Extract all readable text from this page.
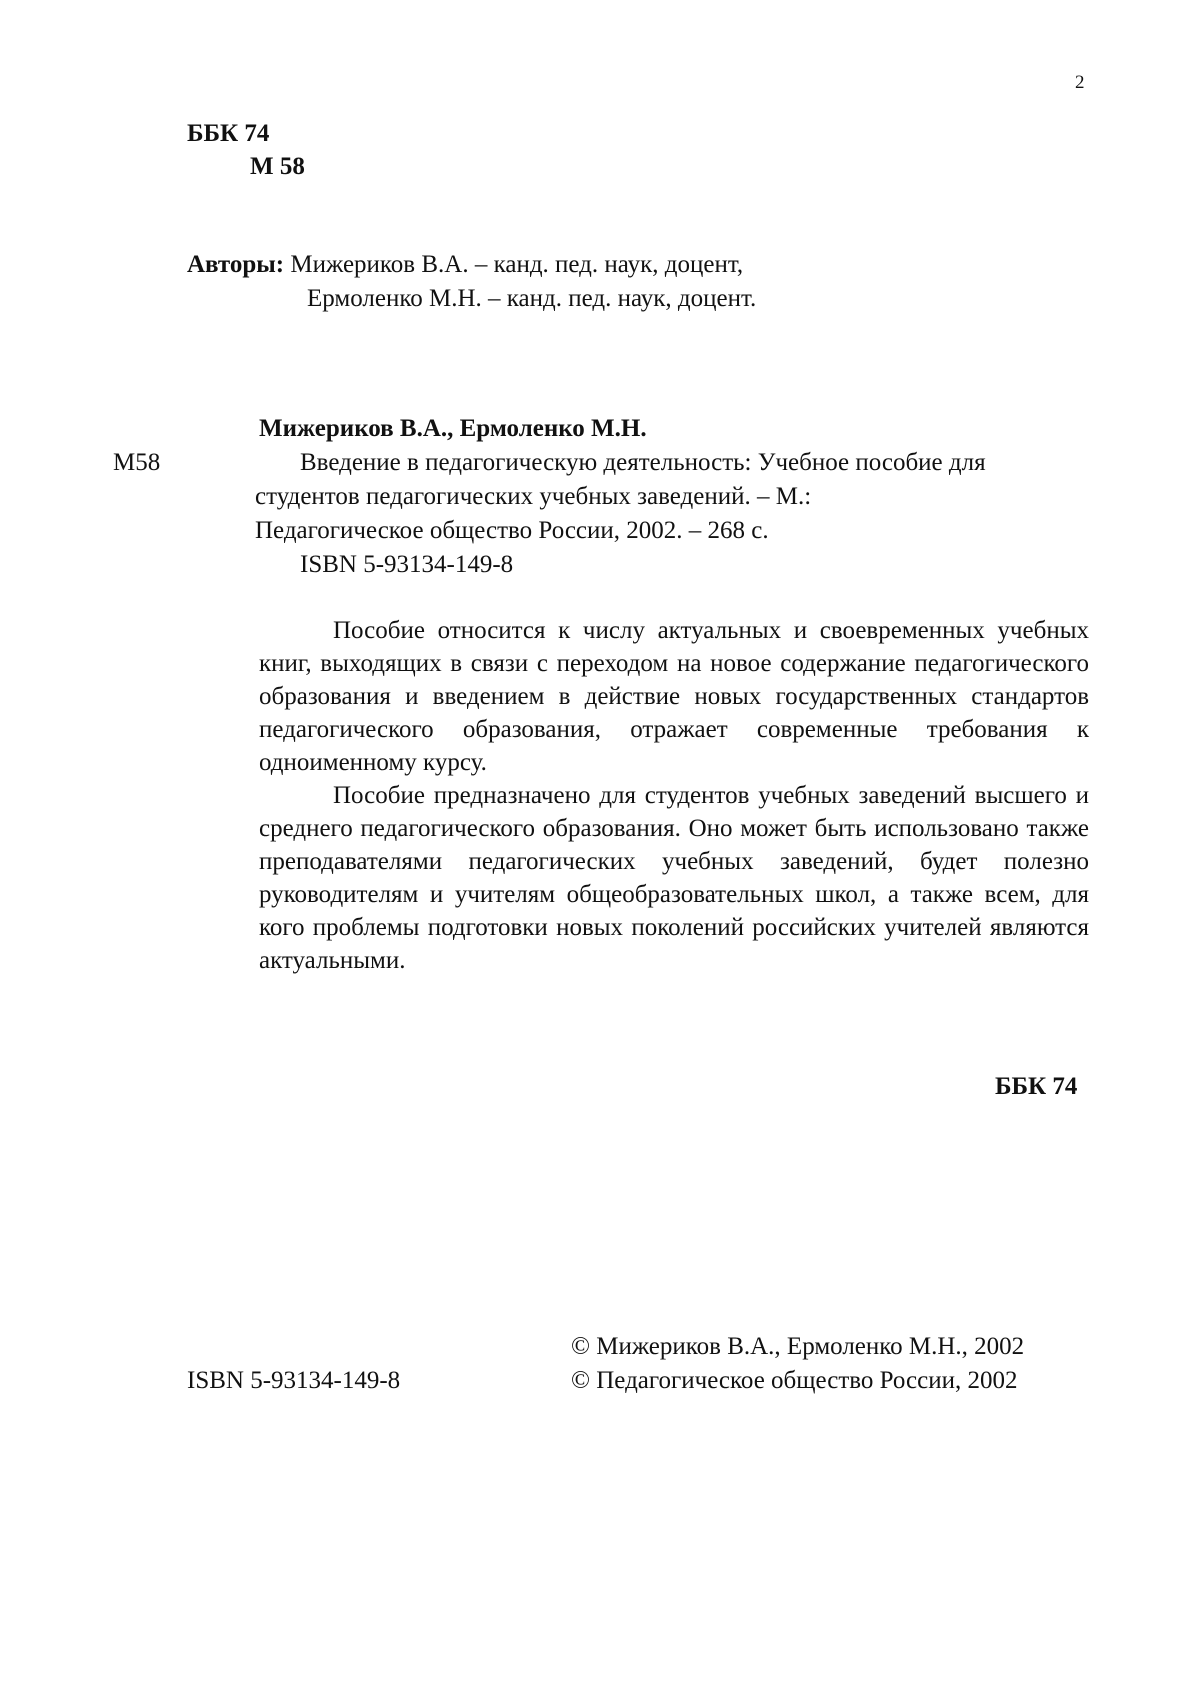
2
ББК 74
М 58
Авторы: Мижериков В.А. – канд. пед. наук, доцент,
Ермоленко М.Н. – канд. пед. наук, доцент.
Мижериков В.А., Ермоленко М.Н.
М58	Введение в педагогическую деятельность: Учебное пособие для
студентов педагогических учебных заведений. – М.:
Педагогическое общество России, 2002. – 268 с.
ISBN 5-93134-149-8
Пособие относится к числу актуальных и своевременных учебных книг, выходящих в связи с переходом на новое содержание педагогического образования и введением в действие новых государственных стандартов педагогического образования, отражает современные требования к одноименному курсу.
Пособие предназначено для студентов учебных заведений высшего и среднего педагогического образования. Оно может быть использовано также преподавателями педагогических учебных заведений, будет полезно руководителям и учителям общеобразовательных школ, а также всем, для кого проблемы подготовки новых поколений российских учителей являются актуальными.
ББК 74
© Мижериков В.А., Ермоленко М.Н., 2002
ISBN 5-93134-149-8	© Педагогическое общество России, 2002
